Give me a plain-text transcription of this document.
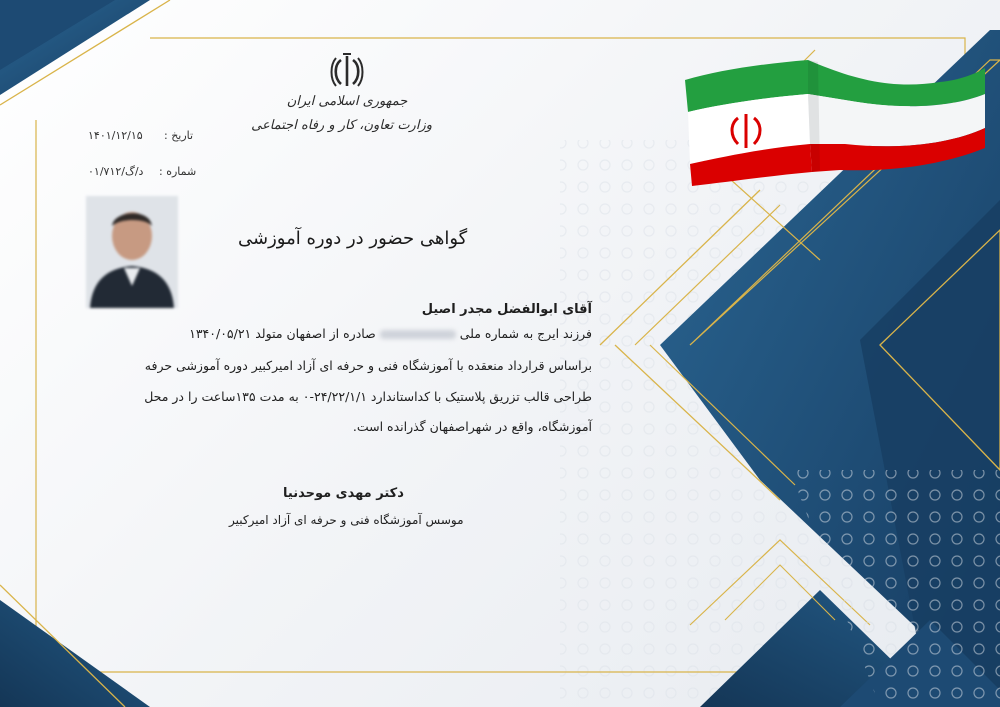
جمهوری اسلامی ایران
وزارت تعاون، کار و رفاه اجتماعی
تاریخ :
۱۴۰۱/۱۲/۱۵
شماره :
۰۱/د/گ/۷۱۲
گواهی حضور در دوره آموزشی
آقای ابوالفضل مجدر اصیل
فرزند ایرج به شماره ملیصادره از اصفهان متولد ۱۳۴۰/۰۵/۲۱
براساس قرارداد منعقده با آموزشگاه فنی و حرفه ای آزاد امیرکبیر دوره آموزشی حرفه
طراحی قالب تزریق پلاستیک با کداستاندارد ۲۴/۲۲/۱/۱-۰ به مدت ۱۳۵ساعت را در محل
آموزشگاه، واقع در شهراصفهان گذرانده است.
دکتر مهدی موحدنیا
موسس آموزشگاه فنی و حرفه ای آزاد امیرکبیر
